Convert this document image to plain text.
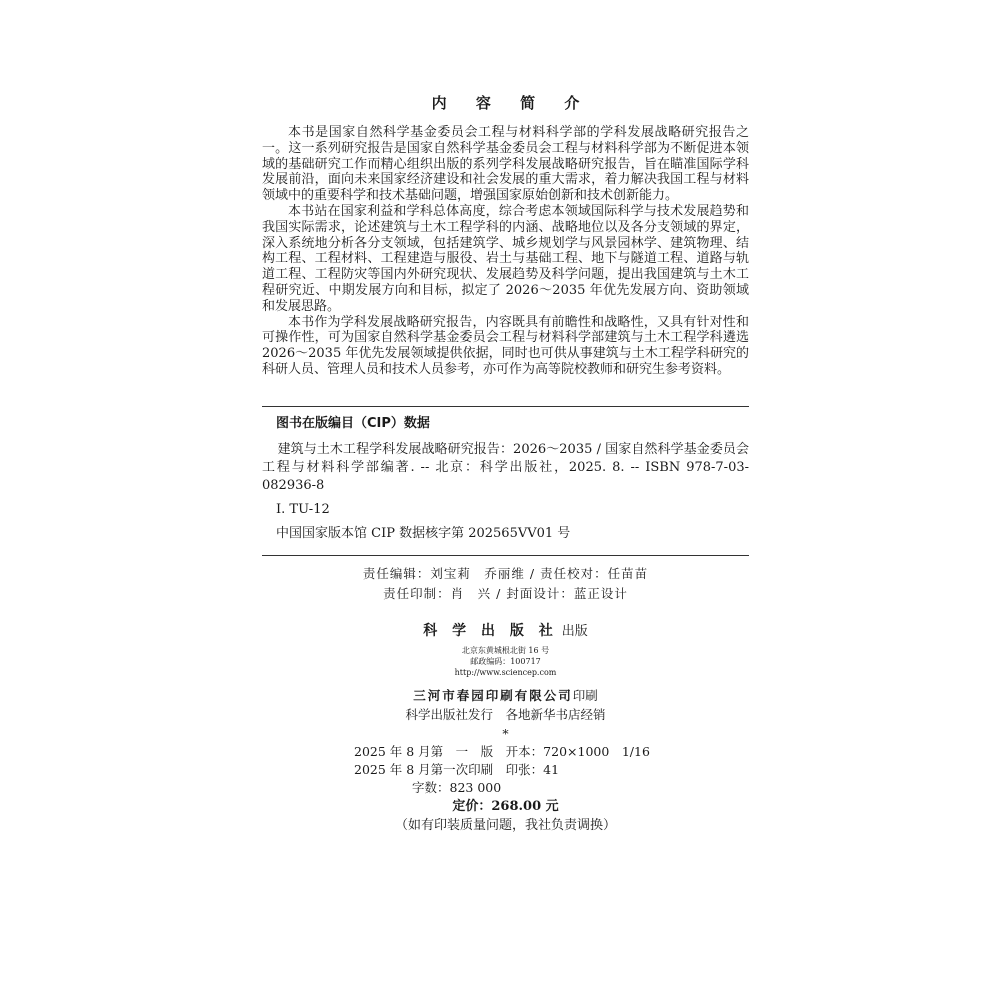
内 容 简 介

本书是国家自然科学基金委员会工程与材料科学部的学科发展战略研究报告之一。这一系列研究报告是国家自然科学基金委员会工程与材料科学部为不断促进本领域的基础研究工作而精心组织出版的系列学科发展战略研究报告，旨在瞄准国际学科发展前沿，面向未来国家经济建设和社会发展的重大需求，着力解决我国工程与材料领域中的重要科学和技术基础问题，增强国家原始创新和技术创新能力。

本书站在国家利益和学科总体高度，综合考虑本领域国际科学与技术发展趋势和我国实际需求，论述建筑与土木工程学科的内涵、战略地位以及各分支领域的界定，深入系统地分析各分支领域，包括建筑学、城乡规划学与风景园林学、建筑物理、结构工程、工程材料、工程建造与服役、岩土与基础工程、地下与隧道工程、道路与轨道工程、工程防灾等国内外研究现状、发展趋势及科学问题，提出我国建筑与土木工程研究近、中期发展方向和目标，拟定了 2026～2035 年优先发展方向、资助领域和发展思路。

本书作为学科发展战略研究报告，内容既具有前瞻性和战略性，又具有针对性和可操作性，可为国家自然科学基金委员会工程与材料科学部建筑与土木工程学科遴选 2026～2035 年优先发展领域提供依据，同时也可供从事建筑与土木工程学科研究的科研人员、管理人员和技术人员参考，亦可作为高等院校教师和研究生参考资料。

图书在版编目（CIP）数据
建筑与土木工程学科发展战略研究报告：2026～2035 / 国家自然科学基金委员会工程与材料科学部编著. -- 北京：科学出版社，2025. 8. -- ISBN 978-7-03-082936-8
Ⅰ. TU-12
中国国家版本馆 CIP 数据核字第 202565VV01 号
责任编辑：刘宝莉　乔丽维 / 责任校对：任苗苗
责任印制：肖　兴 / 封面设计：蓝正设计
科 学 出 版 社 出版
北京东黄城根北街 16 号
邮政编码：100717
http://www.sciencep.com
三河市春园印刷有限公司印刷
科学出版社发行　各地新华书店经销
*
2025 年 8 月第　一　版　开本：720×1000　1/16
2025 年 8 月第一次印刷　印张：41
字数：823 000
定价：268.00 元
（如有印装质量问题，我社负责调换）
